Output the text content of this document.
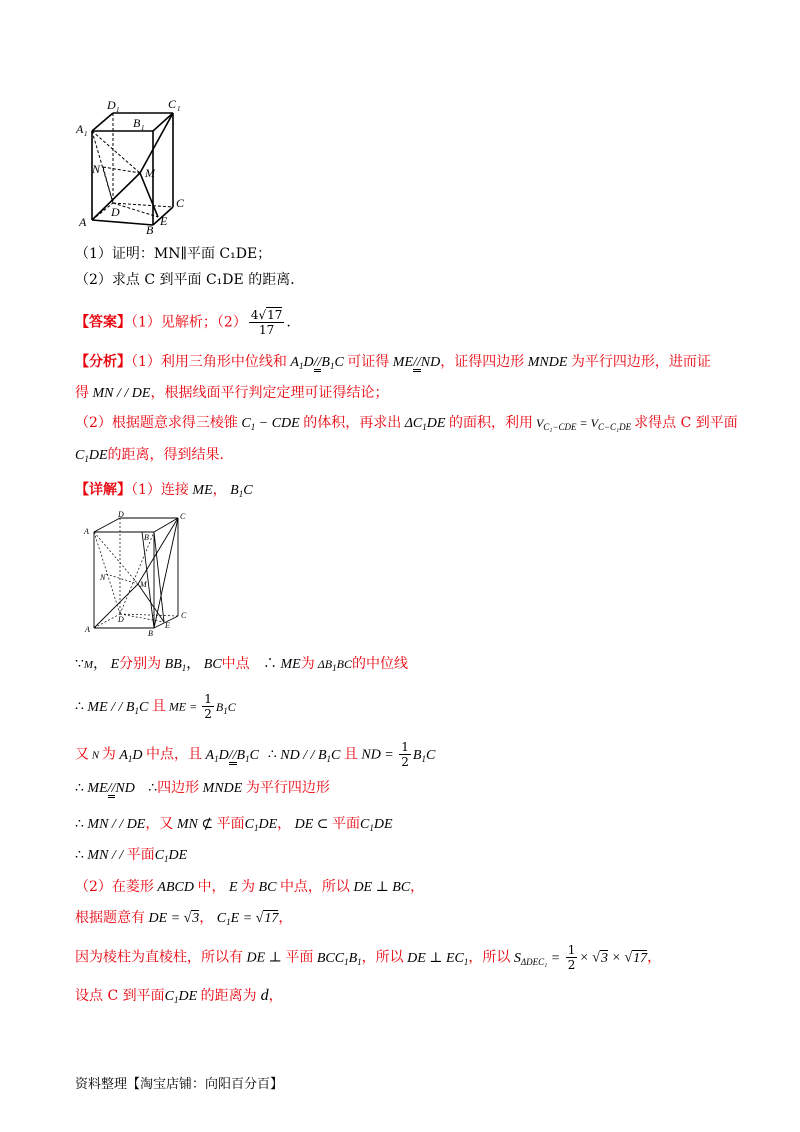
D 1	C 1
B 1
A 1
N	M
D
C
A
B
E
（1）证明：MN∥平面 C₁DE；
（2）求点 C 到平面 C₁DE 的距离．
【答案】（1）见解析；$(2) \frac{4√17}{17}$ .
【分析】（1）利用三角形中位线和 $A_1D//B_1C$ 可证得 ME//ND，证得四边形 MNDE 为平行四边形，进而证
得 MN / / DE，根据线面平行判定定理可证得结论；
（2）根据题意求得三棱锥 $C_1$ − CDE 的体积，再求出 $\Delta C_1DE$ 的面积，利用 $V_{C_1-CDE} = V_{C-C_1DE}$ 求得点 C 到平面
$C_1DE$的距离，得到结果.
【详解】（1）连接 ME， $B_1C$
D	C
B
A
N
M
D	C
A	B
E
∵M， E分别为 $BB_1$， BC中点 ∴ ME为 $\Delta B_1BC$的中位线
∴ ME / / $B_1C$ 且 ME = $\frac{1}{2} B_1C$
又 N 为 $A_1D$ 中点，且 $A_1D//B_1C$ ∴ ND / / $B_1C$ 且 ND = $\frac{1}{2} B_1C$
∴ ME//ND ∴四边形 MNDE 为平行四边形
∴ MN / / DE，又 MN ⊄ 平面$C_1DE$， DE ⊂ 平面$C_1DE$
∴ MN / / 平面$C_1DE$
（2）在菱形 ABCD 中， E 为 BC 中点，所以 DE ⊥ BC，
根据题意有 DE = √3， $C_1E = √17$，
因为棱柱为直棱柱，所以有 DE ⊥ 平面 $BCC_1B_1$，所以 DE ⊥ $EC_1$，所以 $S_{\Delta DEC_1} = \frac{1}{2} \times √3 \times √17$，
设点 C 到平面$C_1DE$ 的距离为 d，
资料整理【淘宝店铺：向阳百分百】
